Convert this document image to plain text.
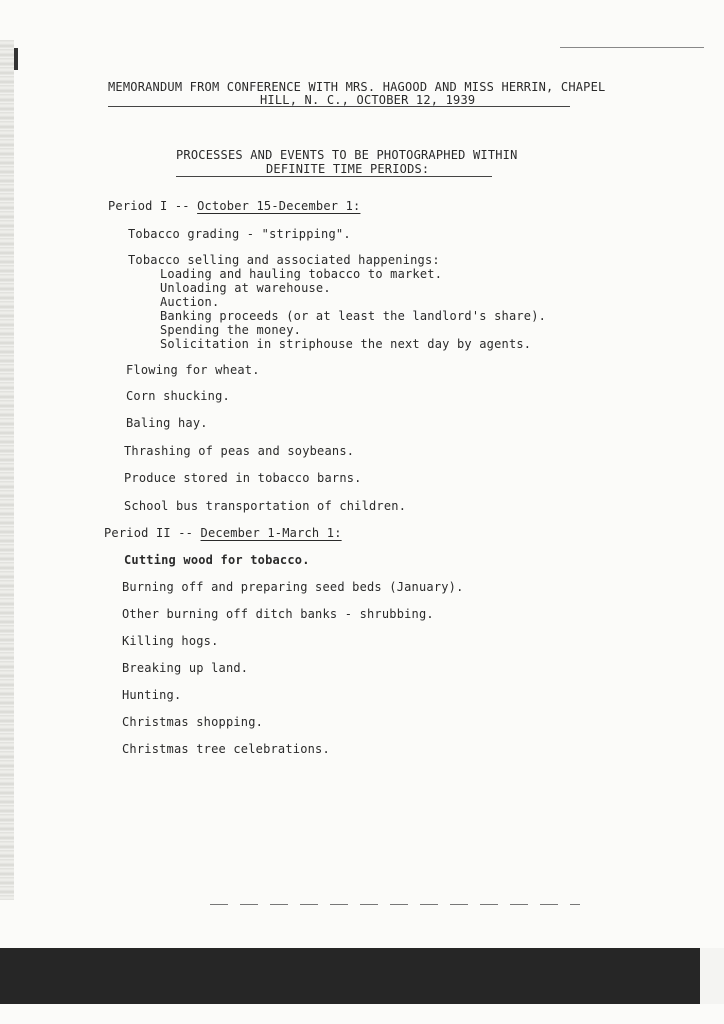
MEMORANDUM FROM CONFERENCE WITH MRS. HAGOOD AND MISS HERRIN, CHAPEL
HILL, N. C., OCTOBER 12, 1939
PROCESSES AND EVENTS TO BE PHOTOGRAPHED WITHIN
DEFINITE TIME PERIODS:
Period I -- October 15-December 1:
Tobacco grading - "stripping".
Tobacco selling and associated happenings:
Loading and hauling tobacco to market.
Unloading at warehouse.
Auction.
Banking proceeds (or at least the landlord's share).
Spending the money.
Solicitation in striphouse the next day by agents.
Flowing for wheat.
Corn shucking.
Baling hay.
Thrashing of peas and soybeans.
Produce stored in tobacco barns.
School bus transportation of children.
Period II -- December 1-March 1:
Cutting wood for tobacco.
Burning off and preparing seed beds (January).
Other burning off ditch banks - shrubbing.
Killing hogs.
Breaking up land.
Hunting.
Christmas shopping.
Christmas tree celebrations.
